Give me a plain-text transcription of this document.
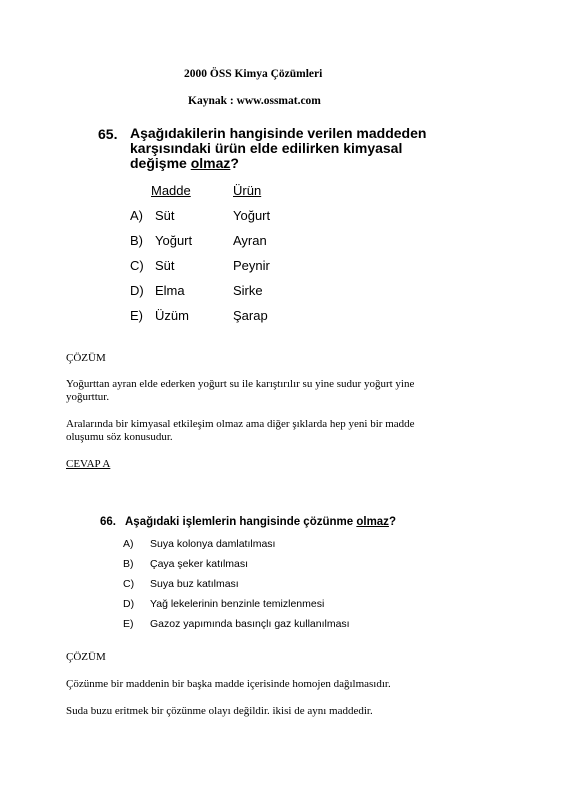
2000 ÖSS Kimya Çözümleri
Kaynak : www.ossmat.com
65. Aşağıdakilerin hangisinde verilen maddeden
karşısındaki ürün elde edilirken kimyasal
değişme olmaz?
Madde	Ürün
A) Süt	Yoğurt
B) Yoğurt	Ayran
C) Süt	Peynir
D) Elma	Sirke
E) Üzüm	Şarap
ÇÖZÜM
Yoğurttan ayran elde ederken yoğurt su ile karıştırılır su yine sudur yoğurt yine
yoğurttur.
Aralarında bir kimyasal etkileşim olmaz ama diğer şıklarda hep yeni bir madde
oluşumu söz konusudur.
CEVAP A
66. Aşağıdaki işlemlerin hangisinde çözünme olmaz?
A) Suya kolonya damlatılması
B) Çaya şeker katılması
C) Suya buz katılması
D) Yağ lekelerinin benzinle temizlenmesi
E) Gazoz yapımında basınçlı gaz kullanılması
ÇÖZÜM
Çözünme bir maddenin bir başka madde içerisinde homojen dağılmasıdır.
Suda buzu eritmek bir çözünme olayı değildir. ikisi de aynı maddedir.
